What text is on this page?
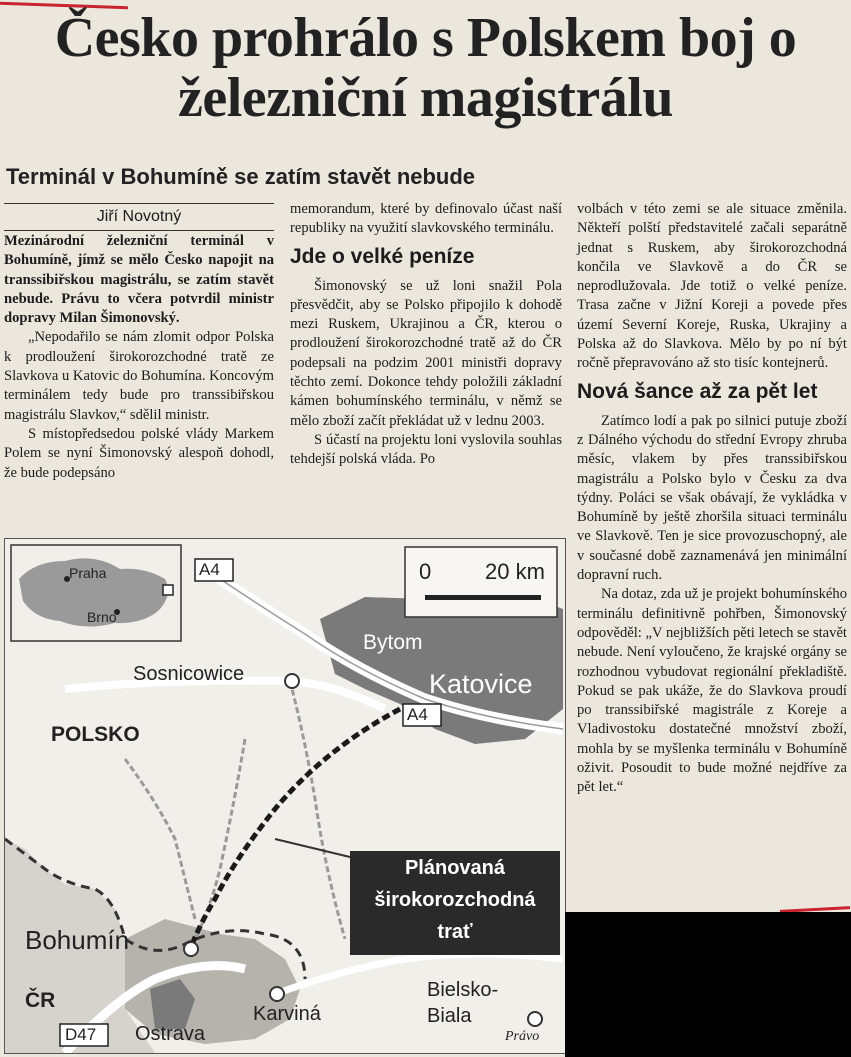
Česko prohrálo s Polskem boj o železniční magistrálu
Terminál v Bohumíně se zatím stavět nebude
Jiří Novotný

Mezinárodní železniční terminál v Bohumíně, jímž se mělo Česko napojit na transsibiřskou magistrálu, se zatím stavět nebude. Právu to včera potvrdil ministr dopravy Milan Šimonovský.

„Nepodařilo se nám zlomit odpor Polska k prodloužení širokorozchodné tratě ze Slavkova u Katovic do Bohumína. Koncovým terminálem tedy bude pro transsibiřskou magistrálu Slavkov,“ sdělil ministr.

S místopředsedou polské vlády Markem Polem se nyní Šimonovský alespoň dohodl, že bude podepsáno

memorandum, které by definovalo účast naší republiky na využití slavkovského terminálu.

Jde o velké peníze

Šimonovský se už loni snažil Pola přesvědčit, aby se Polsko připojilo k dohodě mezi Ruskem, Ukrajinou a ČR, kterou o prodloužení širokorozchodné tratě až do ČR podepsali na podzim 2001 ministři dopravy těchto zemí. Dokonce tehdy položili základní kámen bohumínského terminálu, v němž se mělo zboží začít překládat už v lednu 2003.

S účastí na projektu loni vyslovila souhlas tehdejší polská vláda. Po

volbách v této zemi se ale situace změnila. Někteří polští představitelé začali separátně jednat s Ruskem, aby širokorozchodná končila ve Slavkově a do ČR se neprodlužovala. Jde totiž o velké peníze. Trasa začne v Jižní Koreji a povede přes území Severní Koreje, Ruska, Ukrajiny a Polska až do Slavkova. Mělo by po ní být ročně přepravováno až sto tisíc kontejnerů.

Nová šance až za pět let

Zatímco lodí a pak po silnici putuje zboží z Dálného východu do střední Evropy zhruba měsíc, vlakem by přes transsibiřskou magistrálu a Polsko bylo v Česku za dva týdny. Poláci se však obávají, že vykládka v Bohumíně by ještě zhoršila situaci terminálu ve Slavkově. Ten je sice provozuschopný, ale v současné době zaznamenává jen minimální dopravní ruch.

Na dotaz, zda už je projekt bohumínského terminálu definitivně pohřben, Šimonovský odpověděl: „V nejbližších pěti letech se stavět nebude. Není vyloučeno, že krajské orgány se rozhodnou vybudovat regionální překladiště. Pokud se pak ukáže, že do Slavkova proudí po transsibiřské magistrále z Koreje a Vladivostoku dostatečné množství zboží, mohla by se myšlenka terminálu v Bohumíně oživit. Posoudit to bude možné nejdříve za pět let.“

Praha
Brno
0 20 km
A4
A4
D47
Bytom
Katovice
Sosnicowice
POLSKO
Bohumín
ČR
Ostrava
Karviná
Bielsko-
Biala
Plánovaná
širokorozchodná
trať
Právo
